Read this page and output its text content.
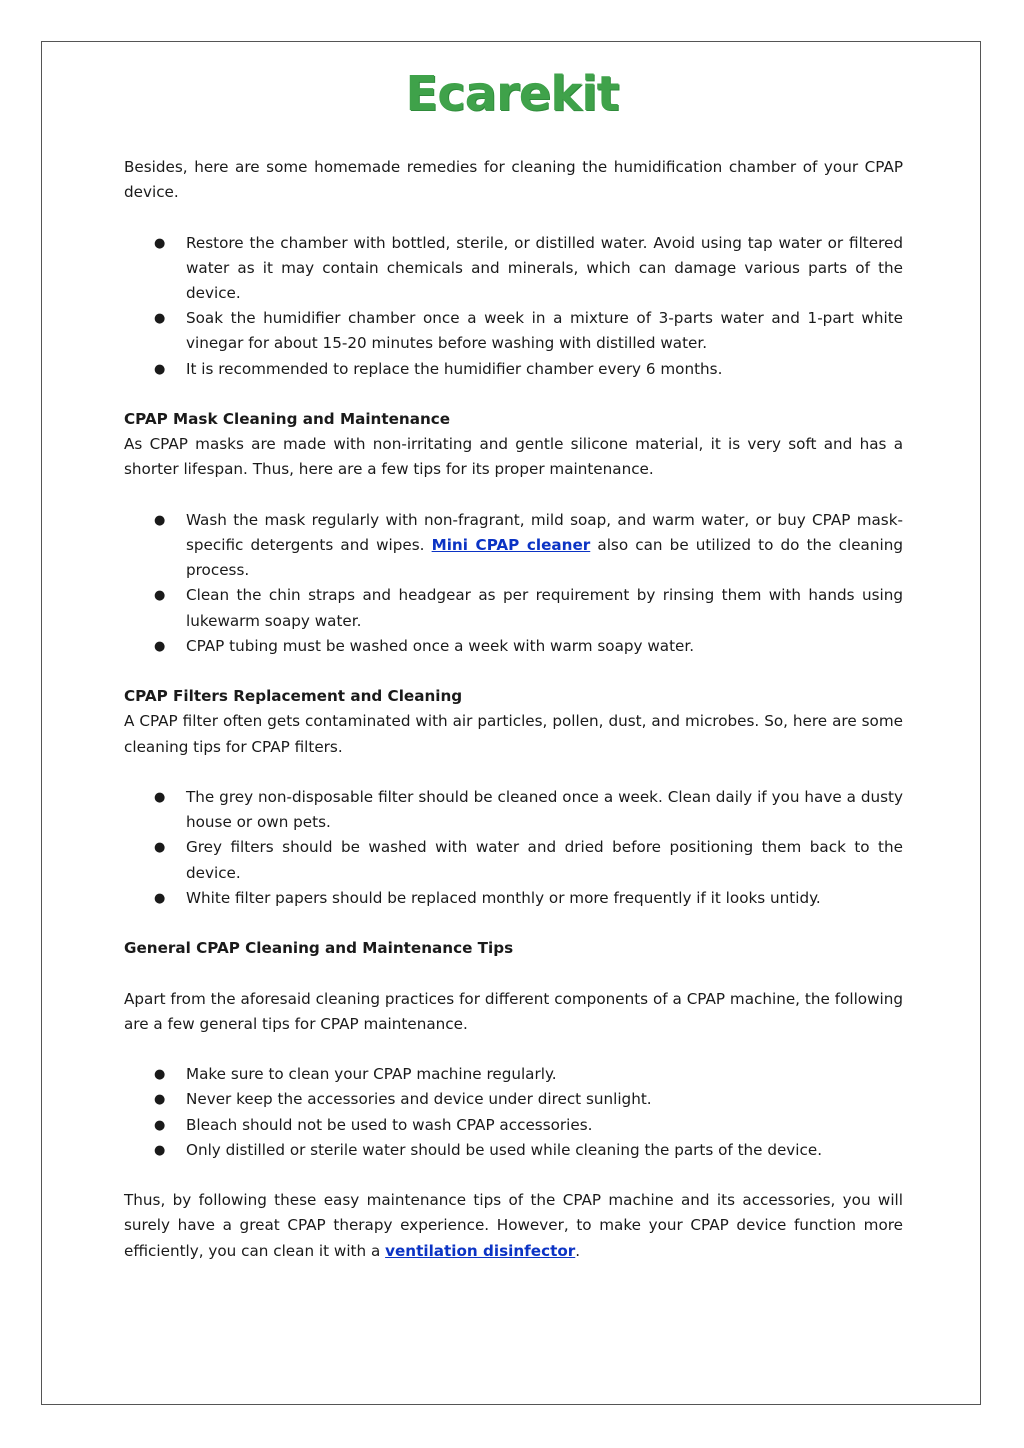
Ecarekit

Besides, here are some homemade remedies for cleaning the humidification chamber of your CPAP device.

● Restore the chamber with bottled, sterile, or distilled water. Avoid using tap water or filtered water as it may contain chemicals and minerals, which can damage various parts of the device.
● Soak the humidifier chamber once a week in a mixture of 3-parts water and 1-part white vinegar for about 15-20 minutes before washing with distilled water.
● It is recommended to replace the humidifier chamber every 6 months.

CPAP Mask Cleaning and Maintenance

As CPAP masks are made with non-irritating and gentle silicone material, it is very soft and has a shorter lifespan. Thus, here are a few tips for its proper maintenance.

● Wash the mask regularly with non-fragrant, mild soap, and warm water, or buy CPAP mask-specific detergents and wipes. Mini CPAP cleaner also can be utilized to do the cleaning process.
● Clean the chin straps and headgear as per requirement by rinsing them with hands using lukewarm soapy water.
● CPAP tubing must be washed once a week with warm soapy water.

CPAP Filters Replacement and Cleaning

A CPAP filter often gets contaminated with air particles, pollen, dust, and microbes. So, here are some cleaning tips for CPAP filters.

● The grey non-disposable filter should be cleaned once a week. Clean daily if you have a dusty house or own pets.
● Grey filters should be washed with water and dried before positioning them back to the device.
● White filter papers should be replaced monthly or more frequently if it looks untidy.

General CPAP Cleaning and Maintenance Tips

Apart from the aforesaid cleaning practices for different components of a CPAP machine, the following are a few general tips for CPAP maintenance.

● Make sure to clean your CPAP machine regularly.
● Never keep the accessories and device under direct sunlight.
● Bleach should not be used to wash CPAP accessories.
● Only distilled or sterile water should be used while cleaning the parts of the device.

Thus, by following these easy maintenance tips of the CPAP machine and its accessories, you will surely have a great CPAP therapy experience. However, to make your CPAP device function more efficiently, you can clean it with a ventilation disinfector.
